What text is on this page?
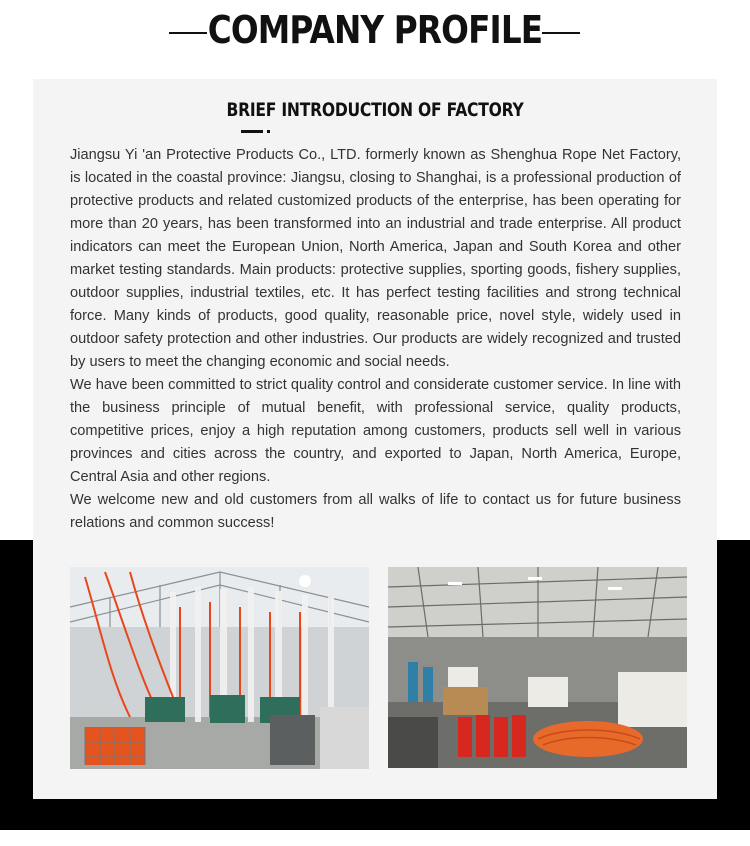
COMPANY PROFILE
BRIEF INTRODUCTION OF FACTORY

Jiangsu Yi 'an Protective Products Co., LTD. formerly known as Shenghua Rope Net Factory, is located in the coastal province: Jiangsu, closing to Shanghai, is a professional production of protective products and related customized products of the enterprise, has been operating for more than 20 years, has been transformed into an industrial and trade enterprise. All product indicators can meet the European Union, North America, Japan and South Korea and other market testing standards. Main products: protective supplies, sporting goods, fishery supplies, outdoor supplies, industrial textiles, etc. It has perfect testing facilities and strong technical force. Many kinds of products, good quality, reasonable price, novel style, widely used in outdoor safety protection and other industries. Our products are widely recognized and trusted by users to meet the changing economic and social needs.

We have been committed to strict quality control and considerate customer service. In line with the business principle of mutual benefit, with professional service, quality products, competitive prices, enjoy a high reputation among customers, products sell well in various provinces and cities across the country, and exported to Japan, North America, Europe, Central Asia and other regions.

We welcome new and old customers from all walks of life to contact us for future business relations and common success!
